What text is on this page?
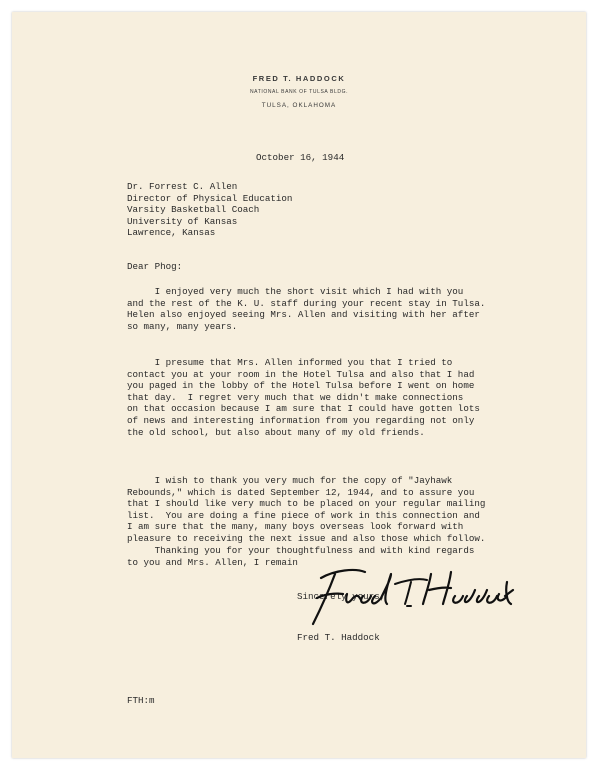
FRED T. HADDOCK
NATIONAL BANK OF TULSA BLDG.
TULSA, OKLAHOMA
October 16, 1944
Dr. Forrest C. Allen
Director of Physical Education
Varsity Basketball Coach
University of Kansas
Lawrence, Kansas
Dear Phog:
I enjoyed very much the short visit which I had with you
and the rest of the K. U. staff during your recent stay in Tulsa.
Helen also enjoyed seeing Mrs. Allen and visiting with her after
so many, many years.
I presume that Mrs. Allen informed you that I tried to
contact you at your room in the Hotel Tulsa and also that I had
you paged in the lobby of the Hotel Tulsa before I went on home
that day.  I regret very much that we didn't make connections
on that occasion because I am sure that I could have gotten lots
of news and interesting information from you regarding not only
the old school, but also about many of my old friends.
I wish to thank you very much for the copy of "Jayhawk
Rebounds," which is dated September 12, 1944, and to assure you
that I should like very much to be placed on your regular mailing
list.  You are doing a fine piece of work in this connection and
I am sure that the many, many boys overseas look forward with
pleasure to receiving the next issue and also those which follow.
Thanking you for your thoughtfulness and with kind regards
to you and Mrs. Allen, I remain
Sincerely yours,
Fred T. Haddock
FTH:m
